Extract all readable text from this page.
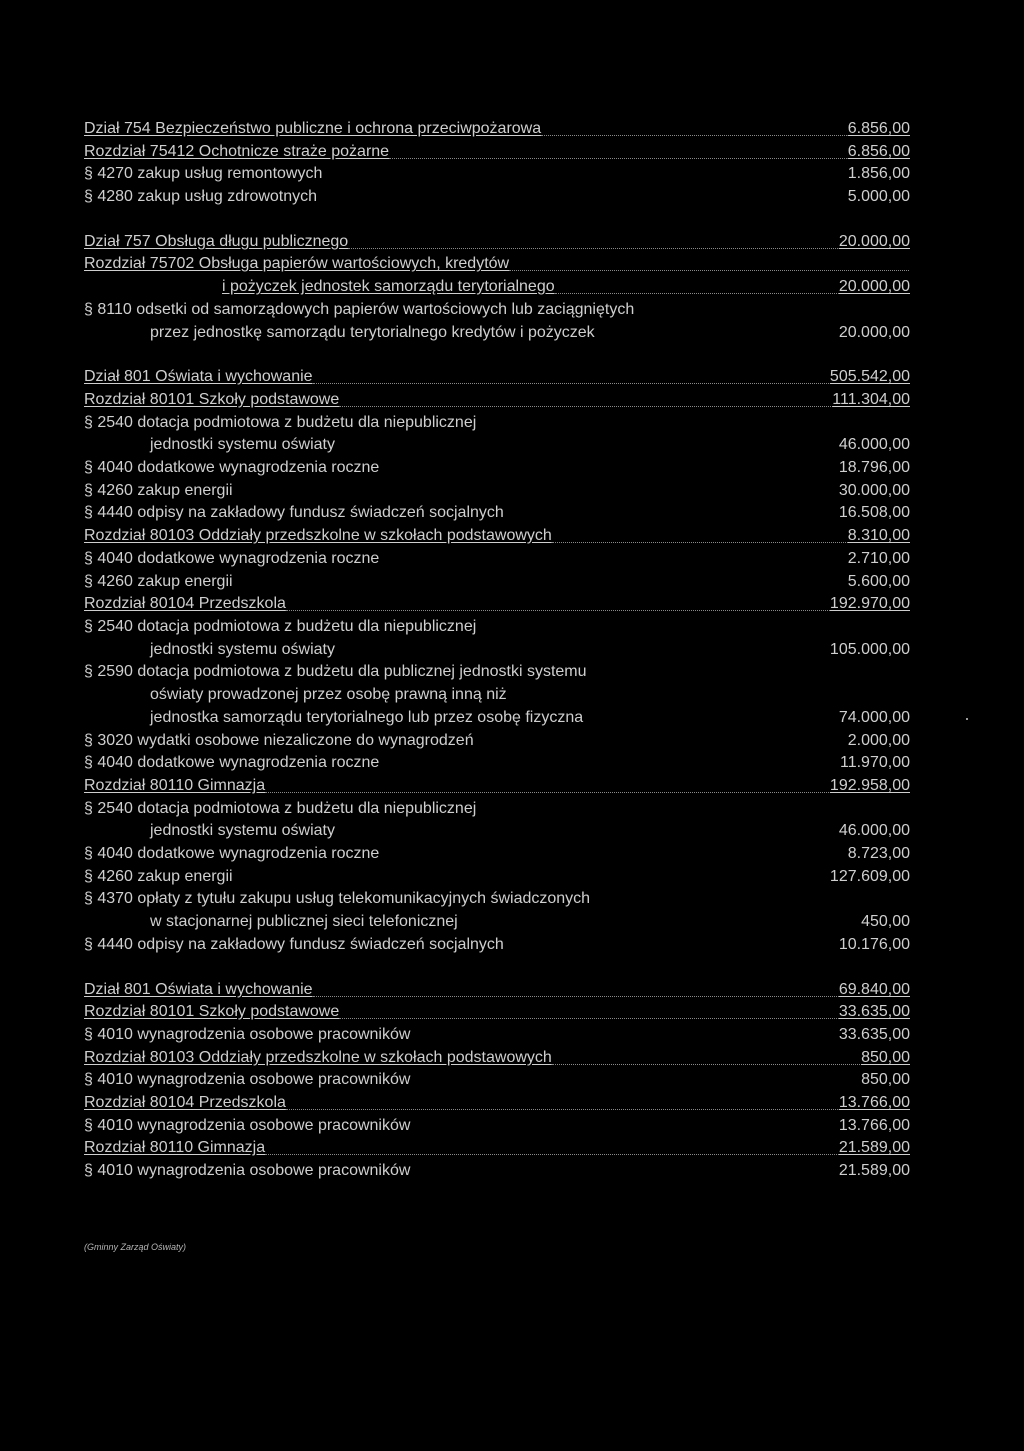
Dział 754 Bezpieczeństwo publiczne i ochrona przeciwpożarowa	6.856,00
Rozdział 75412 Ochotnicze straże pożarne	6.856,00
§ 4270 zakup usług remontowych	1.856,00
§ 4280 zakup usług zdrowotnych	5.000,00
Dział 757 Obsługa długu publicznego	20.000,00
Rozdział 75702 Obsługa papierów wartościowych, kredytów
i pożyczek jednostek samorządu terytorialnego	20.000,00
§ 8110 odsetki od samorządowych papierów wartościowych lub zaciągniętych
przez jednostkę samorządu terytorialnego kredytów i pożyczek	20.000,00
Dział 801 Oświata i wychowanie	505.542,00
Rozdział 80101 Szkoły podstawowe	111.304,00
§ 2540 dotacja podmiotowa z budżetu dla niepublicznej
jednostki systemu oświaty	46.000,00
§ 4040 dodatkowe wynagrodzenia roczne	18.796,00
§ 4260 zakup energii	30.000,00
§ 4440 odpisy na zakładowy fundusz świadczeń socjalnych	16.508,00
Rozdział 80103 Oddziały przedszkolne w szkołach podstawowych	8.310,00
§ 4040 dodatkowe wynagrodzenia roczne	2.710,00
§ 4260 zakup energii	5.600,00
Rozdział 80104 Przedszkola	192.970,00
§ 2540 dotacja podmiotowa z budżetu dla niepublicznej
jednostki systemu oświaty	105.000,00
§ 2590 dotacja podmiotowa z budżetu dla publicznej jednostki systemu
oświaty prowadzonej przez osobę prawną inną niż
jednostka samorządu terytorialnego lub przez osobę fizyczna	74.000,00
§ 3020 wydatki osobowe niezaliczone do wynagrodzeń	2.000,00
§ 4040 dodatkowe wynagrodzenia roczne	11.970,00
Rozdział 80110 Gimnazja	192.958,00
§ 2540 dotacja podmiotowa z budżetu dla niepublicznej
jednostki systemu oświaty	46.000,00
§ 4040 dodatkowe wynagrodzenia roczne	8.723,00
§ 4260 zakup energii	127.609,00
§ 4370 opłaty z tytułu zakupu usług telekomunikacyjnych świadczonych
w stacjonarnej publicznej sieci telefonicznej	450,00
§ 4440 odpisy na zakładowy fundusz świadczeń socjalnych	10.176,00
Dział 801 Oświata i wychowanie	69.840,00
Rozdział 80101 Szkoły podstawowe	33.635,00
§ 4010 wynagrodzenia osobowe pracowników	33.635,00
Rozdział 80103 Oddziały przedszkolne w szkołach podstawowych	850,00
§ 4010 wynagrodzenia osobowe pracowników	850,00
Rozdział 80104 Przedszkola	13.766,00
§ 4010 wynagrodzenia osobowe pracowników	13.766,00
Rozdział 80110 Gimnazja	21.589,00
§ 4010 wynagrodzenia osobowe pracowników	21.589,00
(Gminny Zarząd Oświaty)
